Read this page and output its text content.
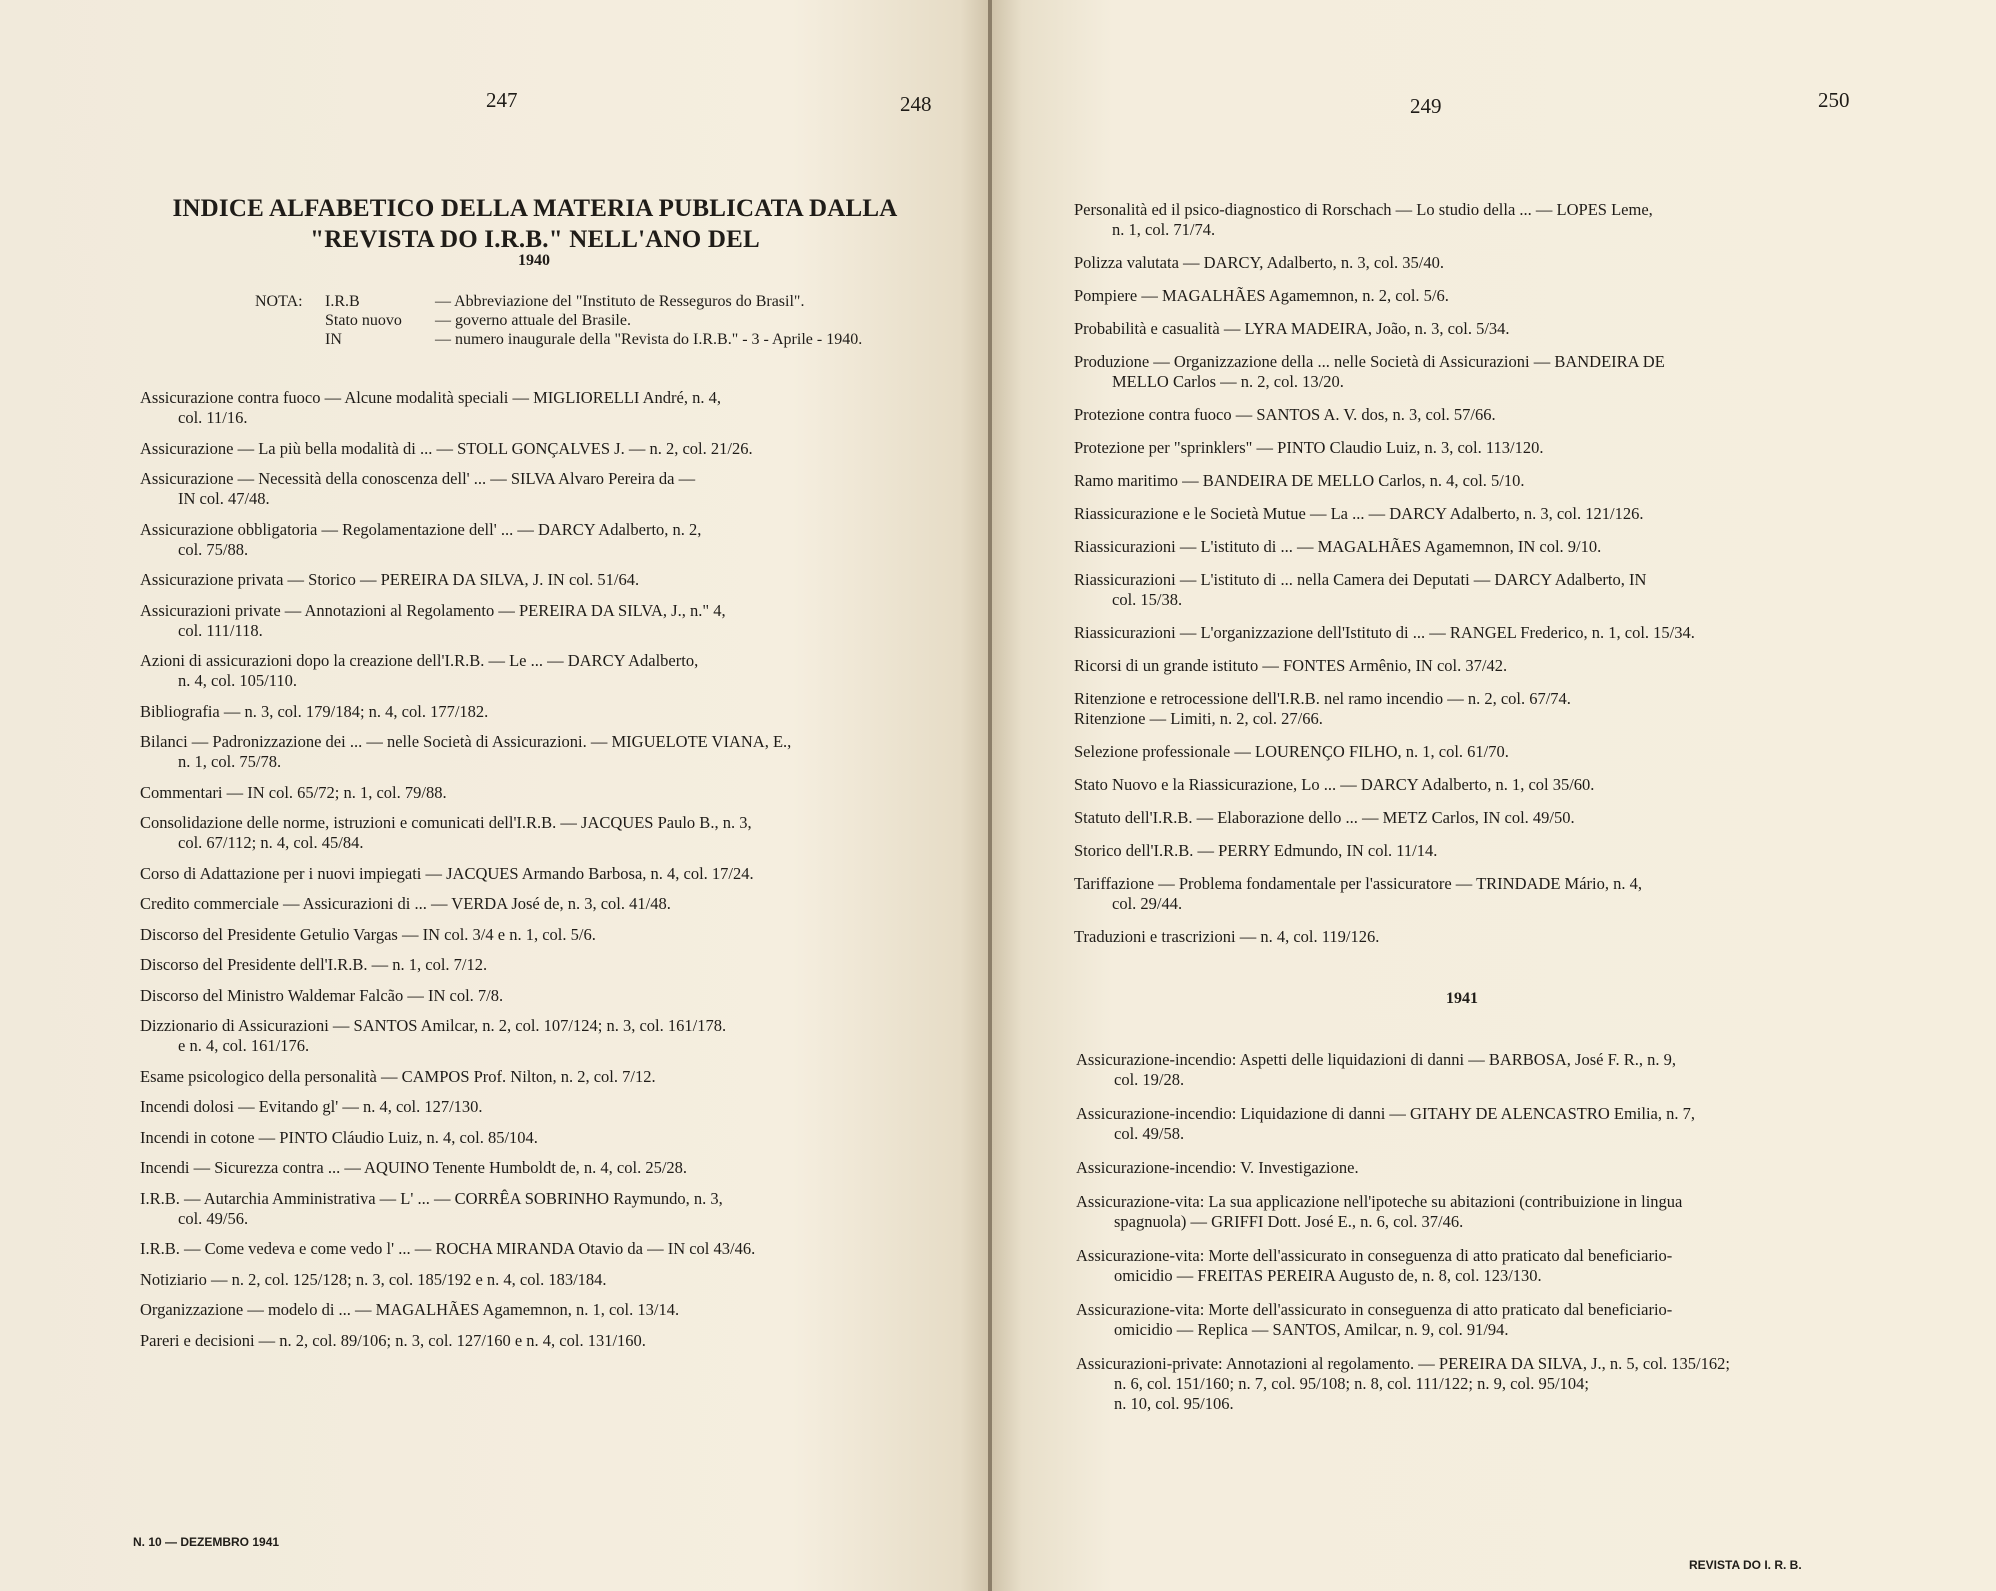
247	248
INDICE ALFABETICO DELLA MATERIA PUBLICATA DALLA
"REVISTA DO I.R.B." NELL'ANO DEL
1940
NOTA:	I.R.B	— Abbreviazione del "Instituto de Resseguros do Brasil".
Stato nuovo	— governo attuale del Brasile.
IN	— numero inaugurale della "Revista do I.R.B." - 3 - Aprile - 1940.
Assicurazione contra fuoco — Alcune modalità speciali — MIGLIORELLI André, n. 4,
col. 11/16.
Assicurazione — La più bella modalità di ... — STOLL GONÇALVES J. — n. 2, col. 21/26.
Assicurazione — Necessità della conoscenza dell' ... — SILVA Alvaro Pereira da —
IN col. 47/48.
Assicurazione obbligatoria — Regolamentazione dell' ... — DARCY Adalberto, n. 2,
col. 75/88.
Assicurazione privata — Storico — PEREIRA DA SILVA, J. IN col. 51/64.
Assicurazioni private — Annotazioni al Regolamento — PEREIRA DA SILVA, J., n." 4,
col. 111/118.
Azioni di assicurazioni dopo la creazione dell'I.R.B. — Le ... — DARCY Adalberto,
n. 4, col. 105/110.
Bibliografia — n. 3, col. 179/184; n. 4, col. 177/182.
Bilanci — Padronizzazione dei ... — nelle Società di Assicurazioni. — MIGUELOTE VIANA, E.,
n. 1, col. 75/78.
Commentari — IN col. 65/72; n. 1, col. 79/88.
Consolidazione delle norme, istruzioni e comunicati dell'I.R.B. — JACQUES Paulo B., n. 3,
col. 67/112; n. 4, col. 45/84.
Corso di Adattazione per i nuovi impiegati — JACQUES Armando Barbosa, n. 4, col. 17/24.
Credito commerciale — Assicurazioni di ... — VERDA José de, n. 3, col. 41/48.
Discorso del Presidente Getulio Vargas — IN col. 3/4 e n. 1, col. 5/6.
Discorso del Presidente dell'I.R.B. — n. 1, col. 7/12.
Discorso del Ministro Waldemar Falcão — IN col. 7/8.
Dizzionario di Assicurazioni — SANTOS Amilcar, n. 2, col. 107/124; n. 3, col. 161/178.
e n. 4, col. 161/176.
Esame psicologico della personalità — CAMPOS Prof. Nilton, n. 2, col. 7/12.
Incendi dolosi — Evitando gl' — n. 4, col. 127/130.
Incendi in cotone — PINTO Cláudio Luiz, n. 4, col. 85/104.
Incendi — Sicurezza contra ... — AQUINO Tenente Humboldt de, n. 4, col. 25/28.
I.R.B. — Autarchia Amministrativa — L' ... — CORRÊA SOBRINHO Raymundo, n. 3,
col. 49/56.
I.R.B. — Come vedeva e come vedo l' ... — ROCHA MIRANDA Otavio da — IN col 43/46.
Notiziario — n. 2, col. 125/128; n. 3, col. 185/192 e n. 4, col. 183/184.
Organizzazione — modelo di ... — MAGALHÃES Agamemnon, n. 1, col. 13/14.
Pareri e decisioni — n. 2, col. 89/106; n. 3, col. 127/160 e n. 4, col. 131/160.
N. 10 — DEZEMBRO 1941
249	250
Personalità ed il psico-diagnostico di Rorschach — Lo studio della ... — LOPES Leme,
n. 1, col. 71/74.
Polizza valutata — DARCY, Adalberto, n. 3, col. 35/40.
Pompiere — MAGALHÃES Agamemnon, n. 2, col. 5/6.
Probabilità e casualità — LYRA MADEIRA, João, n. 3, col. 5/34.
Produzione — Organizzazione della ... nelle Società di Assicurazioni — BANDEIRA DE
MELLO Carlos — n. 2, col. 13/20.
Protezione contra fuoco — SANTOS A. V. dos, n. 3, col. 57/66.
Protezione per "sprinklers" — PINTO Claudio Luiz, n. 3, col. 113/120.
Ramo maritimo — BANDEIRA DE MELLO Carlos, n. 4, col. 5/10.
Riassicurazione e le Società Mutue — La ... — DARCY Adalberto, n. 3, col. 121/126.
Riassicurazioni — L'istituto di ... — MAGALHÃES Agamemnon, IN col. 9/10.
Riassicurazioni — L'istituto di ... nella Camera dei Deputati — DARCY Adalberto, IN
col. 15/38.
Riassicurazioni — L'organizzazione dell'Istituto di ... — RANGEL Frederico, n. 1, col. 15/34.
Ricorsi di un grande istituto — FONTES Armênio, IN col. 37/42.
Ritenzione e retrocessione dell'I.R.B. nel ramo incendio — n. 2, col. 67/74.
Ritenzione — Limiti, n. 2, col. 27/66.
Selezione professionale — LOURENÇO FILHO, n. 1, col. 61/70.
Stato Nuovo e la Riassicurazione, Lo ... — DARCY Adalberto, n. 1, col 35/60.
Statuto dell'I.R.B. — Elaborazione dello ... — METZ Carlos, IN col. 49/50.
Storico dell'I.R.B. — PERRY Edmundo, IN col. 11/14.
Tariffazione — Problema fondamentale per l'assicuratore — TRINDADE Mário, n. 4,
col. 29/44.
Traduzioni e trascrizioni — n. 4, col. 119/126.
1941
Assicurazione-incendio: Aspetti delle liquidazioni di danni — BARBOSA, José F. R., n. 9,
col. 19/28.
Assicurazione-incendio: Liquidazione di danni — GITAHY DE ALENCASTRO Emilia, n. 7,
col. 49/58.
Assicurazione-incendio: V. Investigazione.
Assicurazione-vita: La sua applicazione nell'ipoteche su abitazioni (contribuizione in lingua
spagnuola) — GRIFFI Dott. José E., n. 6, col. 37/46.
Assicurazione-vita: Morte dell'assicurato in conseguenza di atto praticato dal beneficiario-
omicidio — FREITAS PEREIRA Augusto de, n. 8, col. 123/130.
Assicurazione-vita: Morte dell'assicurato in conseguenza di atto praticato dal beneficiario-
omicidio — Replica — SANTOS, Amilcar, n. 9, col. 91/94.
Assicurazioni-private: Annotazioni al regolamento. — PEREIRA DA SILVA, J., n. 5, col. 135/162;
n. 6, col. 151/160; n. 7, col. 95/108; n. 8, col. 111/122; n. 9, col. 95/104;
n. 10, col. 95/106.
REVISTA DO I. R. B.
